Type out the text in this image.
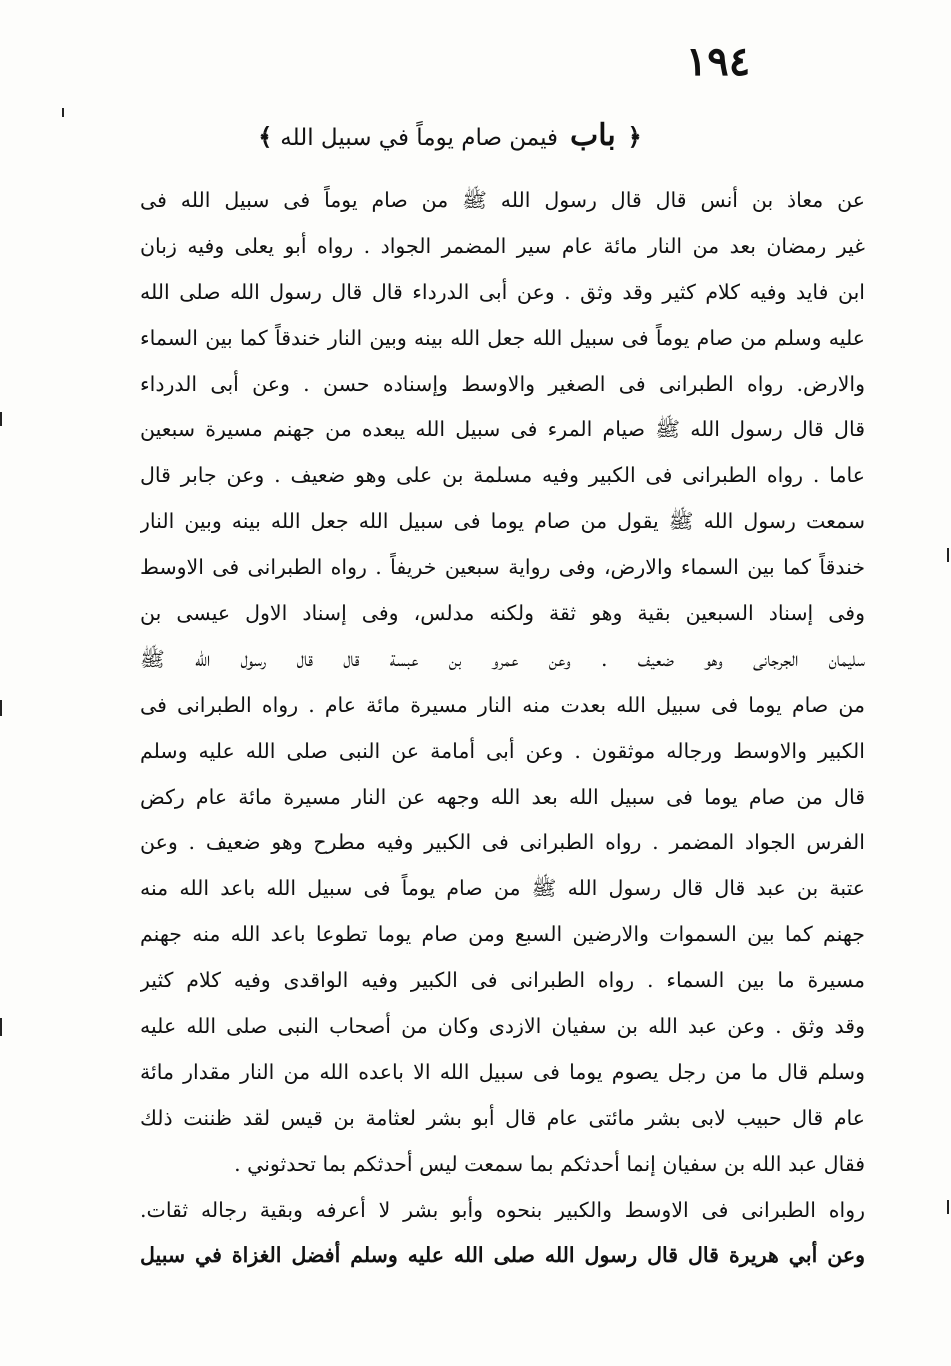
١٩٤
﴿ باب فيمن صام يوماً في سبيل الله ﴾
عن معاذ بن أنس قال قال رسول الله ﷺ من صام يوماً فى سبيل الله فى
غير رمضان بعد من النار مائة عام سير المضمر الجواد . رواه أبو يعلى وفيه زبان
ابن فايد وفيه كلام كثير وقد وثق . وعن أبى الدرداء قال قال رسول الله صلى الله
عليه وسلم من صام يوماً فى سبيل الله جعل الله بينه وبين النار خندقاً كما بين السماء
والارض. رواه الطبرانى فى الصغير والاوسط وإسناده حسن . وعن أبى الدرداء
قال قال رسول الله ﷺ صيام المرء فى سبيل الله يبعده من جهنم مسيرة سبعين
عاما . رواه الطبرانى فى الكبير وفيه مسلمة بن على وهو ضعيف . وعن جابر قال
سمعت رسول الله ﷺ يقول من صام يوما فى سبيل الله جعل الله بينه وبين النار
خندقاً كما بين السماء والارض، وفى رواية سبعين خريفاً . رواه الطبرانى فى الاوسط
وفى إسناد السبعين بقية وهو ثقة ولكنه مدلس، وفى إسناد الاول عيسى بن
سليمان الجرجانى وهو ضعيف . وعن عمرو بن عبسة قال قال رسول الله ﷺ
من صام يوما فى سبيل الله بعدت منه النار مسيرة مائة عام . رواه الطبرانى فى
الكبير والاوسط ورجاله موثقون . وعن أبى أمامة عن النبى صلى الله عليه وسلم
قال من صام يوما فى سبيل الله بعد الله وجهه عن النار مسيرة مائة عام ركض
الفرس الجواد المضمر . رواه الطبرانى فى الكبير وفيه مطرح وهو ضعيف . وعن
عتبة بن عبد قال قال رسول الله ﷺ من صام يوماً فى سبيل الله باعد الله منه
جهنم كما بين السموات والارضين السبع ومن صام يوما تطوعا باعد الله منه جهنم
مسيرة ما بين السماء . رواه الطبرانى فى الكبير وفيه الواقدى وفيه كلام كثير
وقد وثق . وعن عبد الله بن سفيان الازدى وكان من أصحاب النبى صلى الله عليه
وسلم قال ما من رجل يصوم يوما فى سبيل الله الا باعده الله من النار مقدار مائة
عام قال حبيب لابى بشر مائتى عام قال أبو بشر لعثامة بن قيس لقد ظننت ذلك
فقال عبد الله بن سفيان إنما أحدثكم بما سمعت ليس أحدثكم بما تحدثوني .
رواه الطبرانى فى الاوسط والكبير بنحوه وأبو بشر لا أعرفه وبقية رجاله ثقات.
وعن أبي هريرة قال قال رسول الله صلى الله عليه وسلم أفضل الغزاة في سبيل
